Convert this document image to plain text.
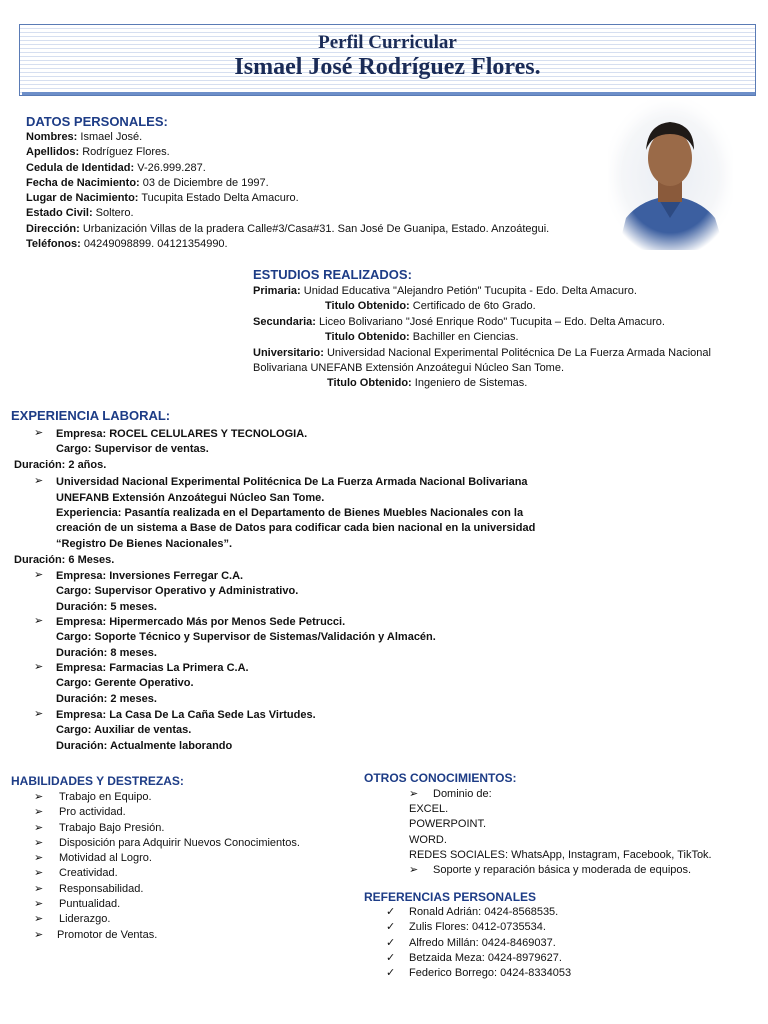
Perfil Curricular
Ismael José Rodríguez Flores.
DATOS PERSONALES:
Nombres: Ismael José.
Apellidos: Rodríguez Flores.
Cedula de Identidad: V-26.999.287.
Fecha de Nacimiento: 03 de Diciembre de 1997.
Lugar de Nacimiento: Tucupita Estado Delta Amacuro.
Estado Civil: Soltero.
Dirección: Urbanización Villas de la pradera Calle#3/Casa#31. San José De Guanipa, Estado. Anzoátegui.
Teléfonos: 04249098899. 04121354990.
ESTUDIOS REALIZADOS:
Primaria: Unidad Educativa "Alejandro Petión" Tucupita - Edo. Delta Amacuro.
Titulo Obtenido: Certificado de 6to Grado.
Secundaria: Liceo Bolivariano "José Enrique Rodo" Tucupita – Edo. Delta Amacuro.
Titulo Obtenido: Bachiller en Ciencias.
Universitario: Universidad Nacional Experimental Politécnica De La Fuerza Armada Nacional
Bolivariana UNEFANB Extensión Anzoátegui Núcleo San Tome.
Titulo Obtenido: Ingeniero de Sistemas.
EXPERIENCIA LABORAL:
➢ Empresa: ROCEL CELULARES Y TECNOLOGIA.
Cargo: Supervisor de ventas.
Duración: 2 años.
➢ Universidad Nacional Experimental Politécnica De La Fuerza Armada Nacional Bolivariana
UNEFANB Extensión Anzoátegui Núcleo San Tome.
Experiencia: Pasantía realizada en el Departamento de Bienes Muebles Nacionales con la
creación de un sistema a Base de Datos para codificar cada bien nacional en la universidad
“Registro De Bienes Nacionales”.
Duración: 6 Meses.
➢ Empresa: Inversiones Ferregar C.A.
Cargo: Supervisor Operativo y Administrativo.
Duración: 5 meses.
➢ Empresa: Hipermercado Más por Menos Sede Petrucci.
Cargo: Soporte Técnico y Supervisor de Sistemas/Validación y Almacén.
Duración: 8 meses.
➢ Empresa: Farmacias La Primera C.A.
Cargo: Gerente Operativo.
Duración: 2 meses.
➢ Empresa: La Casa De La Caña Sede Las Virtudes.
Cargo: Auxiliar de ventas.
Duración: Actualmente laborando
HABILIDADES Y DESTREZAS:
➢ Trabajo en Equipo.
➢ Pro actividad.
➢ Trabajo Bajo Presión.
➢ Disposición para Adquirir Nuevos Conocimientos.
➢ Motividad al Logro.
➢ Creatividad.
➢ Responsabilidad.
➢ Puntualidad.
➢ Liderazgo.
➢ Promotor de Ventas.
OTROS CONOCIMIENTOS:
➢ Dominio de:
EXCEL.
POWERPOINT.
WORD.
REDES SOCIALES: WhatsApp, Instagram, Facebook, TikTok.
➢ Soporte y reparación básica y moderada de equipos.
REFERENCIAS PERSONALES
✓ Ronald Adrián: 0424-8568535.
✓ Zulis Flores: 0412-0735534.
✓ Alfredo Millán: 0424-8469037.
✓ Betzaida Meza: 0424-8979627.
✓ Federico Borrego: 0424-8334053
